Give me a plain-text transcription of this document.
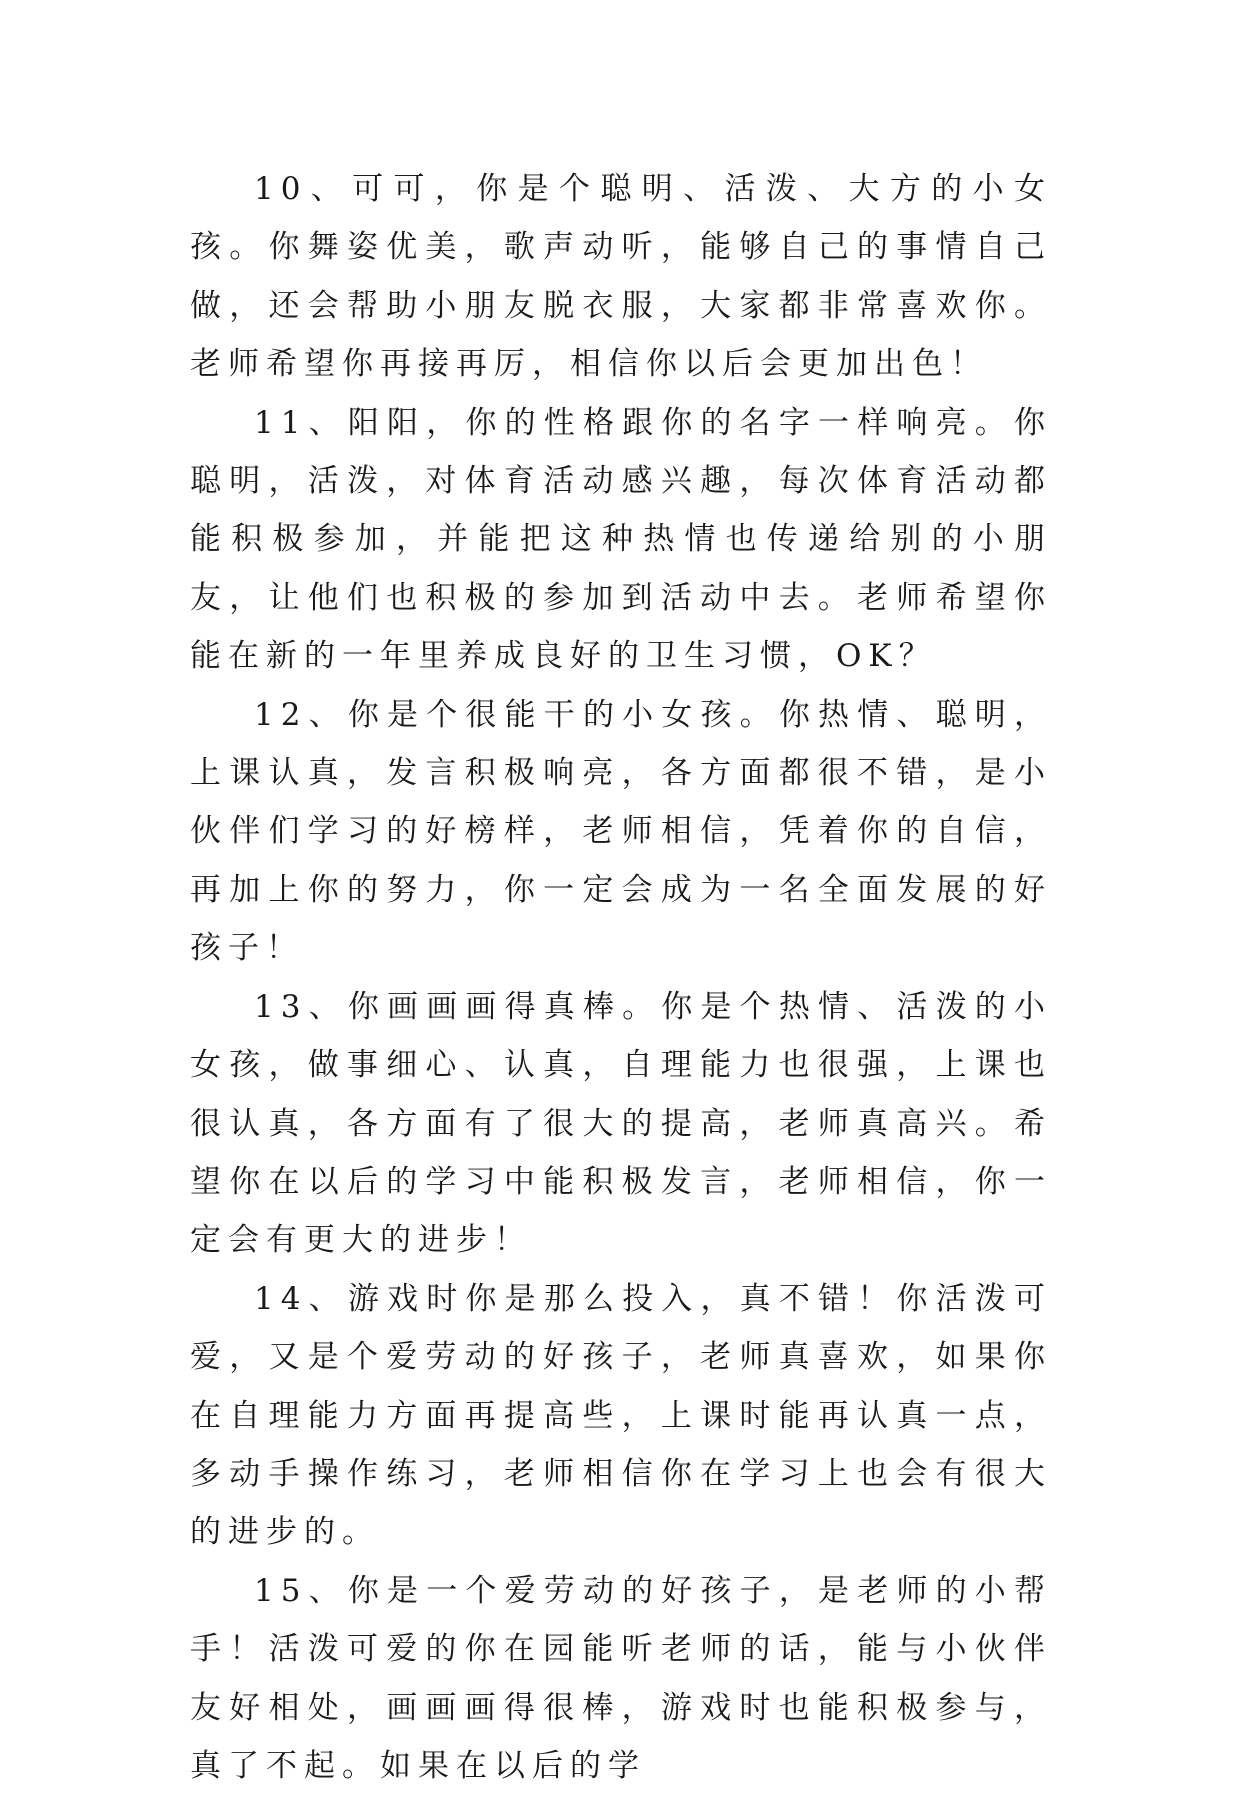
10、可可，你是个聪明、活泼、大方的小女孩。你舞姿优美，歌声动听，能够自己的事情自己做，还会帮助小朋友脱衣服，大家都非常喜欢你。老师希望你再接再厉，相信你以后会更加出色！

11、阳阳，你的性格跟你的名字一样响亮。你聪明，活泼，对体育活动感兴趣，每次体育活动都能积极参加，并能把这种热情也传递给别的小朋友，让他们也积极的参加到活动中去。老师希望你能在新的一年里养成良好的卫生习惯，OK？

12、你是个很能干的小女孩。你热情、聪明，上课认真，发言积极响亮，各方面都很不错，是小伙伴们学习的好榜样，老师相信，凭着你的自信，再加上你的努力，你一定会成为一名全面发展的好孩子！

13、你画画画得真棒。你是个热情、活泼的小女孩，做事细心、认真，自理能力也很强，上课也很认真，各方面有了很大的提高，老师真高兴。希望你在以后的学习中能积极发言，老师相信，你一定会有更大的进步！

14、游戏时你是那么投入，真不错！你活泼可爱，又是个爱劳动的好孩子，老师真喜欢，如果你在自理能力方面再提高些，上课时能再认真一点，多动手操作练习，老师相信你在学习上也会有很大的进步的。

15、你是一个爱劳动的好孩子，是老师的小帮手！活泼可爱的你在园能听老师的话，能与小伙伴友好相处，画画画得很棒，游戏时也能积极参与，真了不起。如果在以后的学
